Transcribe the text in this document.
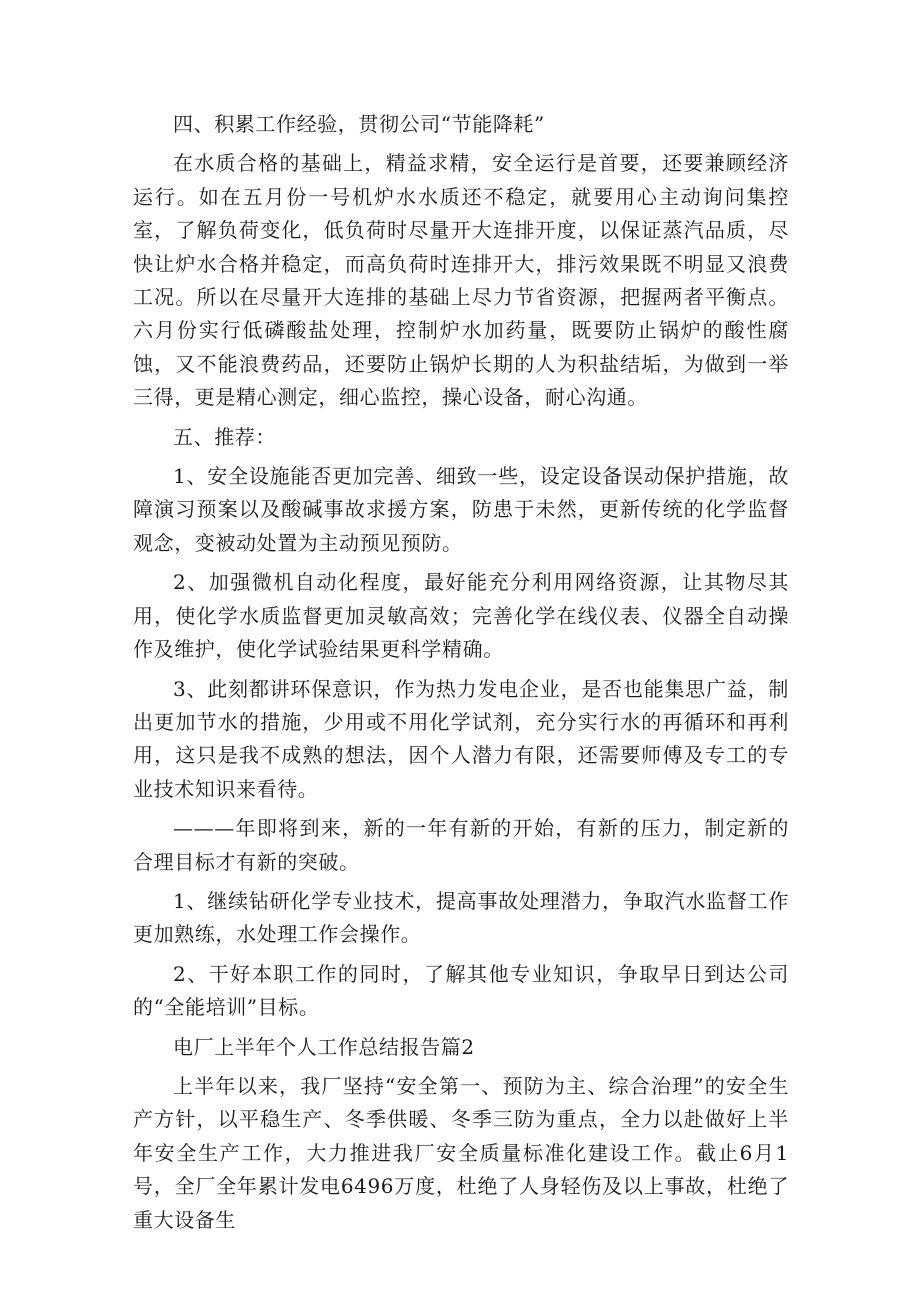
四、积累工作经验，贯彻公司“节能降耗”

在水质合格的基础上，精益求精，安全运行是首要，还要兼顾经济运行。如在五月份一号机炉水水质还不稳定，就要用心主动询问集控室，了解负荷变化，低负荷时尽量开大连排开度，以保证蒸汽品质，尽快让炉水合格并稳定，而高负荷时连排开大，排污效果既不明显又浪费工况。所以在尽量开大连排的基础上尽力节省资源，把握两者平衡点。六月份实行低磷酸盐处理，控制炉水加药量，既要防止锅炉的酸性腐蚀，又不能浪费药品，还要防止锅炉长期的人为积盐结垢，为做到一举三得，更是精心测定，细心监控，操心设备，耐心沟通。

五、推荐：

1、安全设施能否更加完善、细致一些，设定设备误动保护措施，故障演习预案以及酸碱事故求援方案，防患于未然，更新传统的化学监督观念，变被动处置为主动预见预防。

2、加强微机自动化程度，最好能充分利用网络资源，让其物尽其用，使化学水质监督更加灵敏高效；完善化学在线仪表、仪器全自动操作及维护，使化学试验结果更科学精确。

3、此刻都讲环保意识，作为热力发电企业，是否也能集思广益，制出更加节水的措施，少用或不用化学试剂，充分实行水的再循环和再利用，这只是我不成熟的想法，因个人潜力有限，还需要师傅及专工的专业技术知识来看待。

———年即将到来，新的一年有新的开始，有新的压力，制定新的合理目标才有新的突破。

1、继续钻研化学专业技术，提高事故处理潜力，争取汽水监督工作更加熟练，水处理工作会操作。

2、干好本职工作的同时，了解其他专业知识，争取早日到达公司的“全能培训”目标。

电厂上半年个人工作总结报告篇2

上半年以来，我厂坚持“安全第一、预防为主、综合治理”的安全生产方针，以平稳生产、冬季供暖、冬季三防为重点，全力以赴做好上半年安全生产工作，大力推进我厂安全质量标准化建设工作。截止6月1号，全厂全年累计发电6496万度，杜绝了人身轻伤及以上事故，杜绝了重大设备生
